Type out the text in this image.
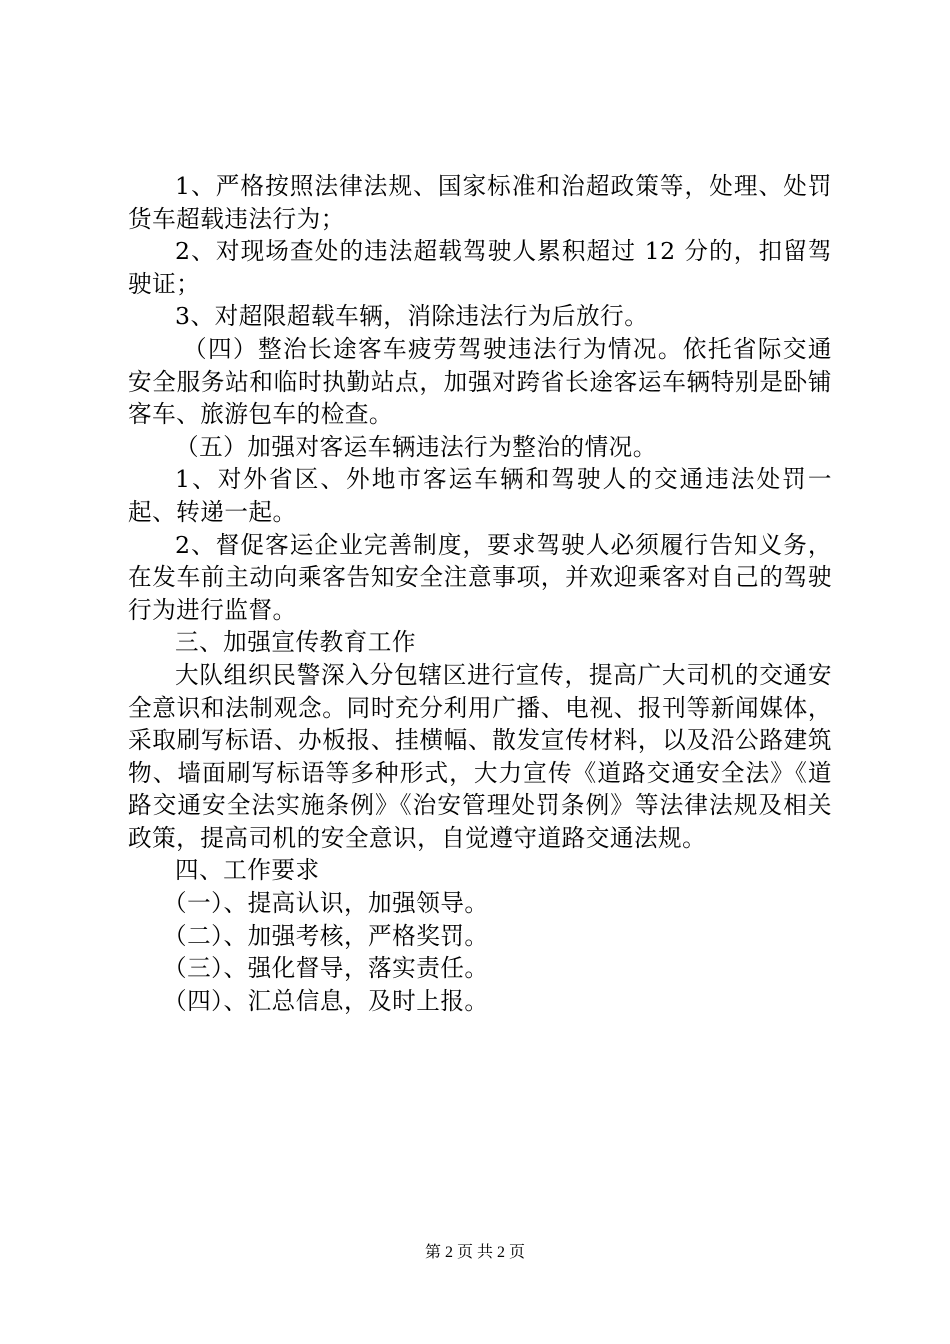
1、严格按照法律法规、国家标准和治超政策等，处理、处罚货车超载违法行为；

2、对现场查处的违法超载驾驶人累积超过 12 分的，扣留驾驶证；

3、对超限超载车辆，消除违法行为后放行。

（四）整治长途客车疲劳驾驶违法行为情况。依托省际交通安全服务站和临时执勤站点，加强对跨省长途客运车辆特别是卧铺客车、旅游包车的检查。

（五）加强对客运车辆违法行为整治的情况。

1、对外省区、外地市客运车辆和驾驶人的交通违法处罚一起、转递一起。

2、督促客运企业完善制度，要求驾驶人必须履行告知义务，在发车前主动向乘客告知安全注意事项，并欢迎乘客对自己的驾驶行为进行监督。

三、加强宣传教育工作

大队组织民警深入分包辖区进行宣传，提高广大司机的交通安全意识和法制观念。同时充分利用广播、电视、报刊等新闻媒体，采取刷写标语、办板报、挂横幅、散发宣传材料，以及沿公路建筑物、墙面刷写标语等多种形式，大力宣传《道路交通安全法》《道路交通安全法实施条例》《治安管理处罚条例》等法律法规及相关政策，提高司机的安全意识，自觉遵守道路交通法规。

四、工作要求

（一）、提高认识，加强领导。

（二）、加强考核，严格奖罚。

（三）、强化督导，落实责任。

（四）、汇总信息，及时上报。

第 2 页 共 2 页
